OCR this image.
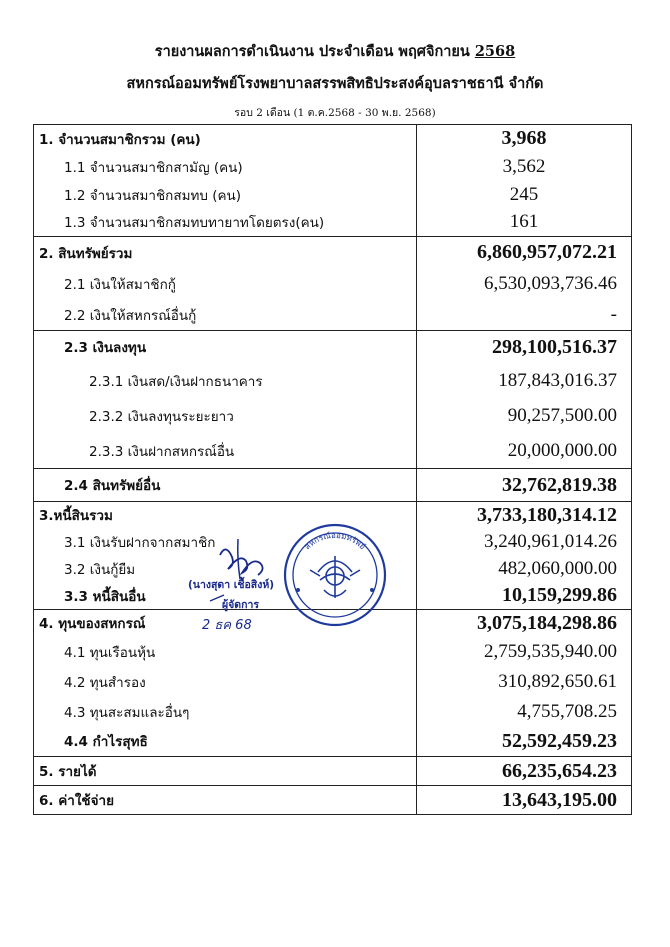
รายงานผลการดำเนินงาน ประจำเดือน พฤศจิกายน 2568
สหกรณ์ออมทรัพย์โรงพยาบาลสรรพสิทธิประสงค์อุบลราชธานี จำกัด
รอบ 2 เดือน (1 ต.ค.2568 - 30 พ.ย. 2568)
1. จำนวนสมาชิกรวม (คน)	3,968
1.1 จำนวนสมาชิกสามัญ (คน)	3,562
1.2 จำนวนสมาชิกสมทบ (คน)	245
1.3 จำนวนสมาชิกสมทบทายาทโดยตรง(คน)	161
2. สินทรัพย์รวม	6,860,957,072.21
2.1 เงินให้สมาชิกกู้	6,530,093,736.46
2.2 เงินให้สหกรณ์อื่นกู้	-
2.3 เงินลงทุน	298,100,516.37
2.3.1 เงินสด/เงินฝากธนาคาร	187,843,016.37
2.3.2 เงินลงทุนระยะยาว	90,257,500.00
2.3.3 เงินฝากสหกรณ์อื่น	20,000,000.00
2.4 สินทรัพย์อื่น	32,762,819.38
3.หนี้สินรวม	3,733,180,314.12
3.1 เงินรับฝากจากสมาชิก	3,240,961,014.26
3.2 เงินกู้ยืม	482,060,000.00
3.3 หนี้สินอื่น	10,159,299.86
4. ทุนของสหกรณ์	3,075,184,298.86
4.1 ทุนเรือนหุ้น	2,759,535,940.00
4.2 ทุนสำรอง	310,892,650.61
4.3 ทุนสะสมและอื่นๆ	4,755,708.25
4.4 กำไรสุทธิ	52,592,459.23
5. รายได้	66,235,654.23
6. ค่าใช้จ่าย	13,643,195.00
สหกรณ์ออมทรัพย์
(นางสุดา เชื้อสิงห์)
ผู้จัดการ
2 ธค 68
